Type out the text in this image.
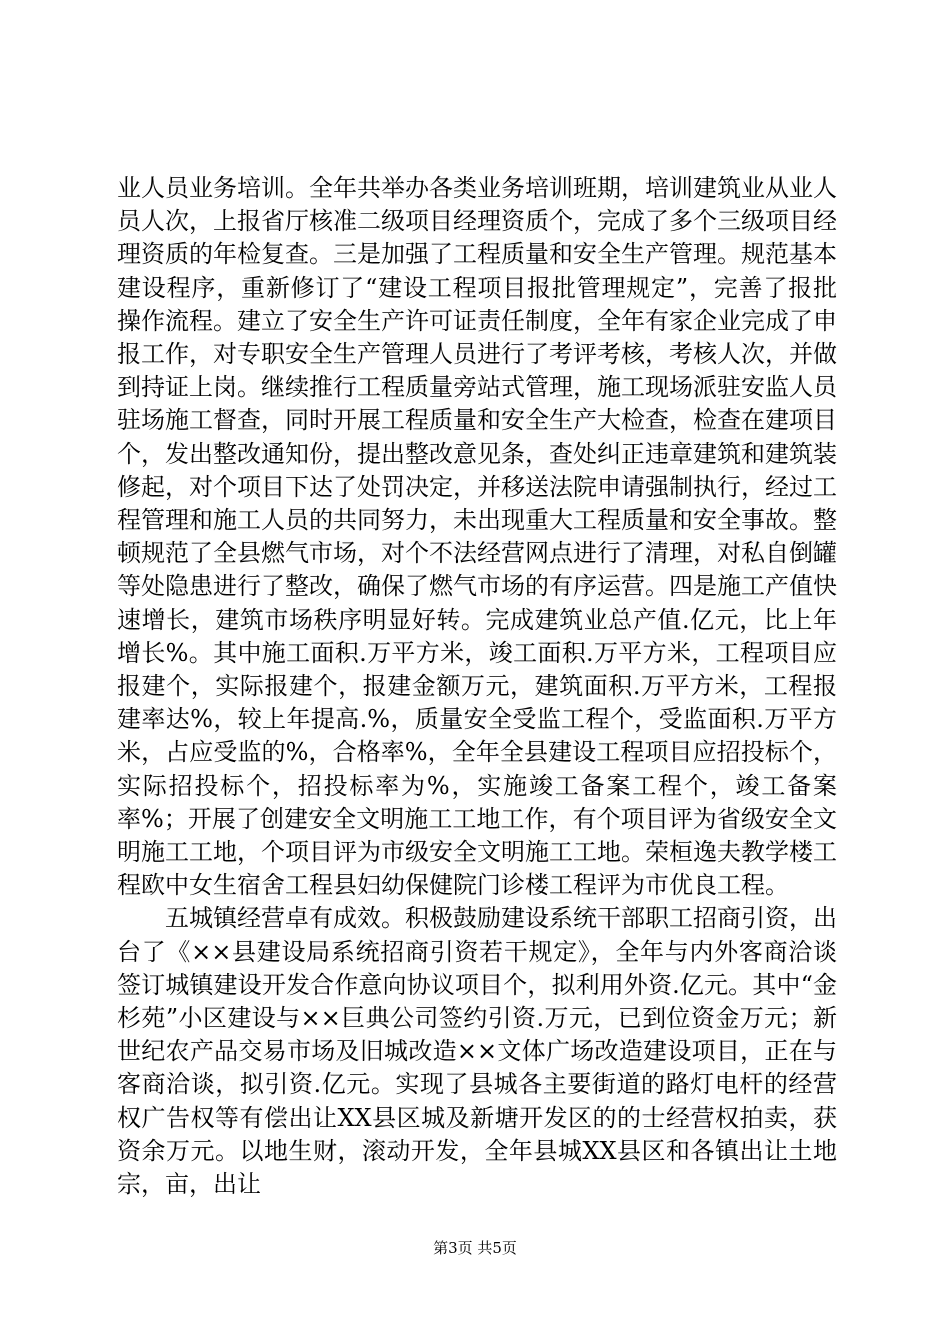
业人员业务培训。全年共举办各类业务培训班期，培训建筑业从业人员人次，上报省厅核准二级项目经理资质个，完成了多个三级项目经理资质的年检复查。三是加强了工程质量和安全生产管理。规范基本建设程序，重新修订了“建设工程项目报批管理规定”，完善了报批操作流程。建立了安全生产许可证责任制度，全年有家企业完成了申报工作，对专职安全生产管理人员进行了考评考核，考核人次，并做到持证上岗。继续推行工程质量旁站式管理，施工现场派驻安监人员驻场施工督查，同时开展工程质量和安全生产大检查，检查在建项目个，发出整改通知份，提出整改意见条，查处纠正违章建筑和建筑装修起，对个项目下达了处罚决定，并移送法院申请强制执行，经过工程管理和施工人员的共同努力，未出现重大工程质量和安全事故。整顿规范了全县燃气市场，对个不法经营网点进行了清理，对私自倒罐等处隐患进行了整改，确保了燃气市场的有序运营。四是施工产值快速增长，建筑市场秩序明显好转。完成建筑业总产值.亿元，比上年增长%。其中施工面积.万平方米，竣工面积.万平方米，工程项目应报建个，实际报建个，报建金额万元，建筑面积.万平方米，工程报建率达%，较上年提高.%，质量安全受监工程个，受监面积.万平方米，占应受监的%，合格率%，全年全县建设工程项目应招投标个，实际招投标个，招投标率为%，实施竣工备案工程个，竣工备案率%；开展了创建安全文明施工工地工作，有个项目评为省级安全文明施工工地，个项目评为市级安全文明施工工地。荣桓逸夫教学楼工程欧中女生宿舍工程县妇幼保健院门诊楼工程评为市优良工程。

五城镇经营卓有成效。积极鼓励建设系统干部职工招商引资，出台了《××县建设局系统招商引资若干规定》，全年与内外客商洽谈签订城镇建设开发合作意向协议项目个，拟利用外资.亿元。其中“金杉苑”小区建设与××巨典公司签约引资.万元，已到位资金万元；新世纪农产品交易市场及旧城改造××文体广场改造建设项目，正在与客商洽谈，拟引资.亿元。实现了县城各主要街道的路灯电杆的经营权广告权等有偿出让XX县区城及新塘开发区的的士经营权拍卖，获资余万元。以地生财，滚动开发，全年县城XX县区和各镇出让土地宗，亩，出让

第3页 共5页
